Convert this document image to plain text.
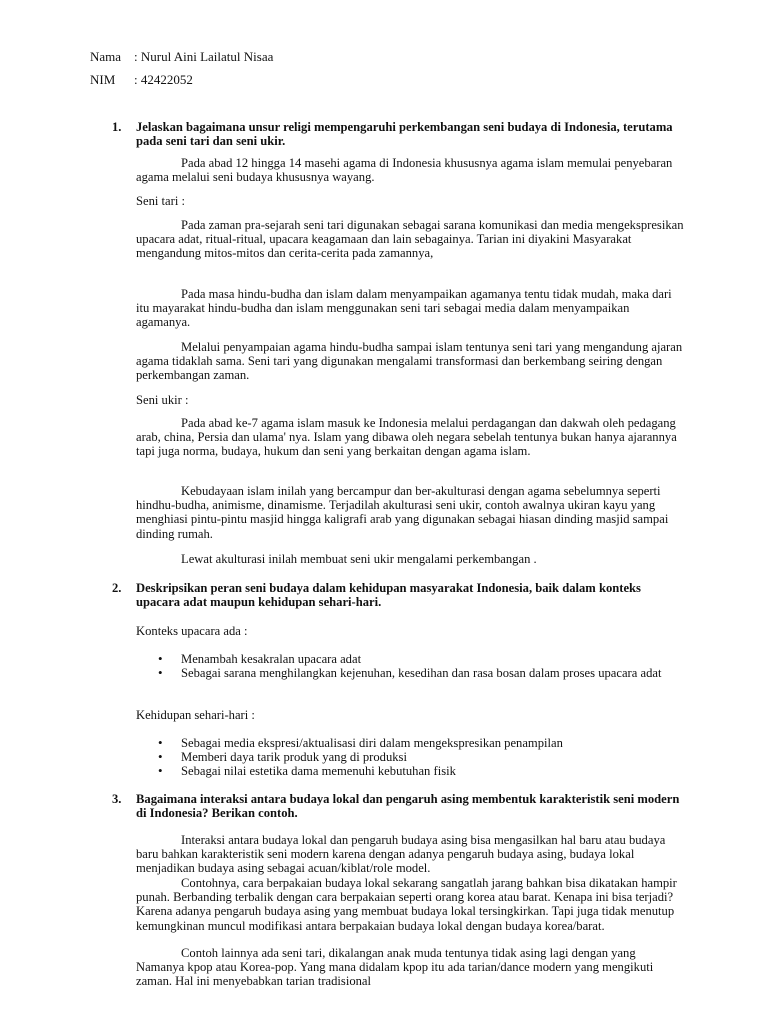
Nama : Nurul Aini Lailatul Nisaa
NIM : 42422052
1. Jelaskan bagaimana unsur religi mempengaruhi perkembangan seni budaya di Indonesia, terutama pada seni tari dan seni ukir.
Pada abad 12 hingga 14 masehi agama di Indonesia khususnya agama islam memulai penyebaran agama melalui seni budaya khususnya wayang.
Seni tari :
Pada zaman pra-sejarah seni tari digunakan sebagai sarana komunikasi dan media mengekspresikan upacara adat, ritual-ritual, upacara keagamaan dan lain sebagainya. Tarian ini diyakini Masyarakat mengandung mitos-mitos dan cerita-cerita pada zamannya,
Pada masa hindu-budha dan islam dalam menyampaikan agamanya tentu tidak mudah, maka dari itu mayarakat hindu-budha dan islam menggunakan seni tari sebagai media dalam menyampaikan agamanya.
Melalui penyampaian agama hindu-budha sampai islam tentunya seni tari yang mengandung ajaran agama tidaklah sama. Seni tari yang digunakan mengalami transformasi dan berkembang seiring dengan perkembangan zaman.
Seni ukir :
Pada abad ke-7 agama islam masuk ke Indonesia melalui perdagangan dan dakwah oleh pedagang arab, china, Persia dan ulama' nya. Islam yang dibawa oleh negara sebelah tentunya bukan hanya ajarannya tapi juga norma, budaya, hukum dan seni yang berkaitan dengan agama islam.
Kebudayaan islam inilah yang bercampur dan ber-akulturasi dengan agama sebelumnya seperti hindhu-budha, animisme, dinamisme. Terjadilah akulturasi seni ukir, contoh awalnya ukiran kayu yang menghiasi pintu-pintu masjid hingga kaligrafi arab yang digunakan sebagai hiasan dinding masjid sampai dinding rumah.
Lewat akulturasi inilah membuat seni ukir mengalami perkembangan .
2. Deskripsikan peran seni budaya dalam kehidupan masyarakat Indonesia, baik dalam konteks upacara adat maupun kehidupan sehari-hari.
Konteks upacara ada :
• Menambah kesakralan upacara adat
• Sebagai sarana menghilangkan kejenuhan, kesedihan dan rasa bosan dalam proses upacara adat
Kehidupan sehari-hari :
• Sebagai media ekspresi/aktualisasi diri dalam mengekspresikan penampilan
• Memberi daya tarik produk yang di produksi
• Sebagai nilai estetika dama memenuhi kebutuhan fisik
3. Bagaimana interaksi antara budaya lokal dan pengaruh asing membentuk karakteristik seni modern di Indonesia? Berikan contoh.
Interaksi antara budaya lokal dan pengaruh budaya asing bisa mengasilkan hal baru atau budaya baru bahkan karakteristik seni modern karena dengan adanya pengaruh budaya asing, budaya lokal menjadikan budaya asing sebagai acuan/kiblat/role model.
Contohnya, cara berpakaian budaya lokal sekarang sangatlah jarang bahkan bisa dikatakan hampir punah. Berbanding terbalik dengan cara berpakaian seperti orang korea atau barat. Kenapa ini bisa terjadi? Karena adanya pengaruh budaya asing yang membuat budaya lokal tersingkirkan. Tapi juga tidak menutup kemungkinan muncul modifikasi antara berpakaian budaya lokal dengan budaya korea/barat.
Contoh lainnya ada seni tari, dikalangan anak muda tentunya tidak asing lagi dengan yang Namanya kpop atau Korea-pop. Yang mana didalam kpop itu ada tarian/dance modern yang mengikuti zaman. Hal ini menyebabkan tarian tradisional
